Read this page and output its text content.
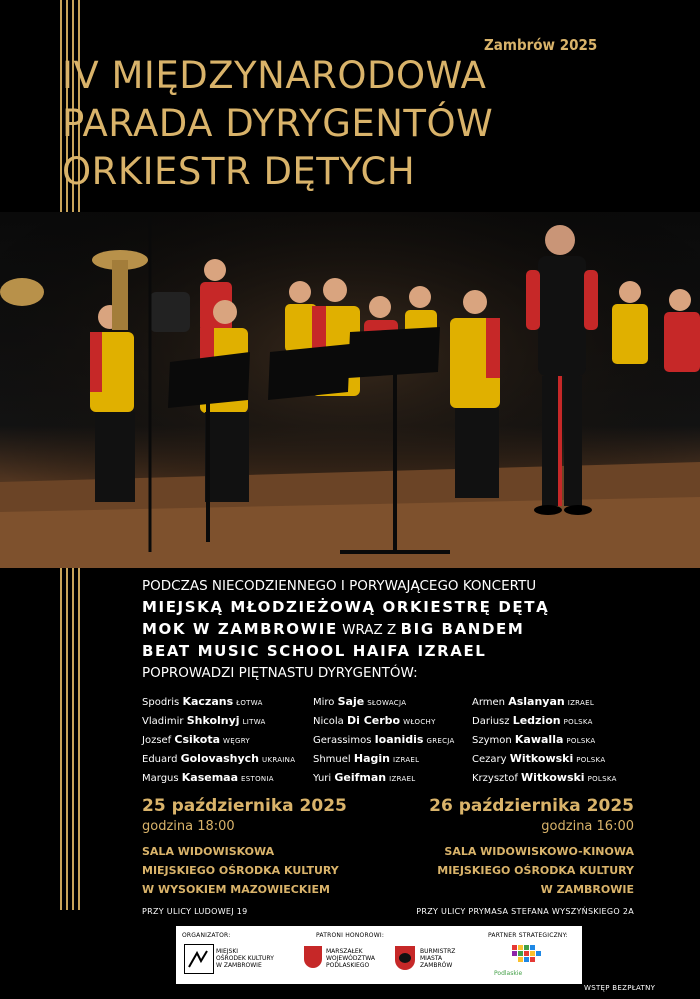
Zambrów 2025
IV MIĘDZYNARODOWA
PARADA DYRYGENTÓW
ORKIESTR DĘTYCH
PODCZAS NIECODZIENNEGO I PORYWAJĄCEGO KONCERTU
MIEJSKĄ MŁODZIEŻOWĄ ORKIESTRĘ DĘTĄ
MOK W ZAMBROWIE WRAZ Z BIG BANDEM
BEAT MUSIC SCHOOL HAIFA IZRAEL
POPROWADZI PIĘTNASTU DYRYGENTÓW:
Spodris Kaczans ŁOTWA
Vladimir Shkolnyj LITWA
Jozsef Csikota WĘGRY
Eduard Golovashych UKRAINA
Margus Kasemaa ESTONIA
Miro Saje SŁOWACJA
Nicola Di Cerbo WŁOCHY
Gerassimos Ioanidis GRECJA
Shmuel Hagin IZRAEL
Yuri Geifman IZRAEL
Armen Aslanyan IZRAEL
Dariusz Ledzion POLSKA
Szymon Kawalla POLSKA
Cezary Witkowski POLSKA
Krzysztof Witkowski POLSKA
25 października 2025
godzina 18:00
SALA WIDOWISKOWA
MIEJSKIEGO OŚRODKA KULTURY
W WYSOKIEM MAZOWIECKIEM
PRZY ULICY LUDOWEJ 19
26 października 2025
godzina 16:00
SALA WIDOWISKOWO-KINOWA
MIEJSKIEGO OŚRODKA KULTURY
W ZAMBROWIE
PRZY ULICY PRYMASA STEFANA WYSZYŃSKIEGO 2A
ORGANIZATOR:
MIEJSKI
OŚRODEK KULTURY
W ZAMBROWIE
PATRONI HONOROWI:
MARSZAŁEK
WOJEWÓDZTWA
PODLASKIEGO
BURMISTRZ
MIASTA
ZAMBRÓW
PARTNER STRATEGICZNY:
Podlaskie
WSTĘP BEZPŁATNY
